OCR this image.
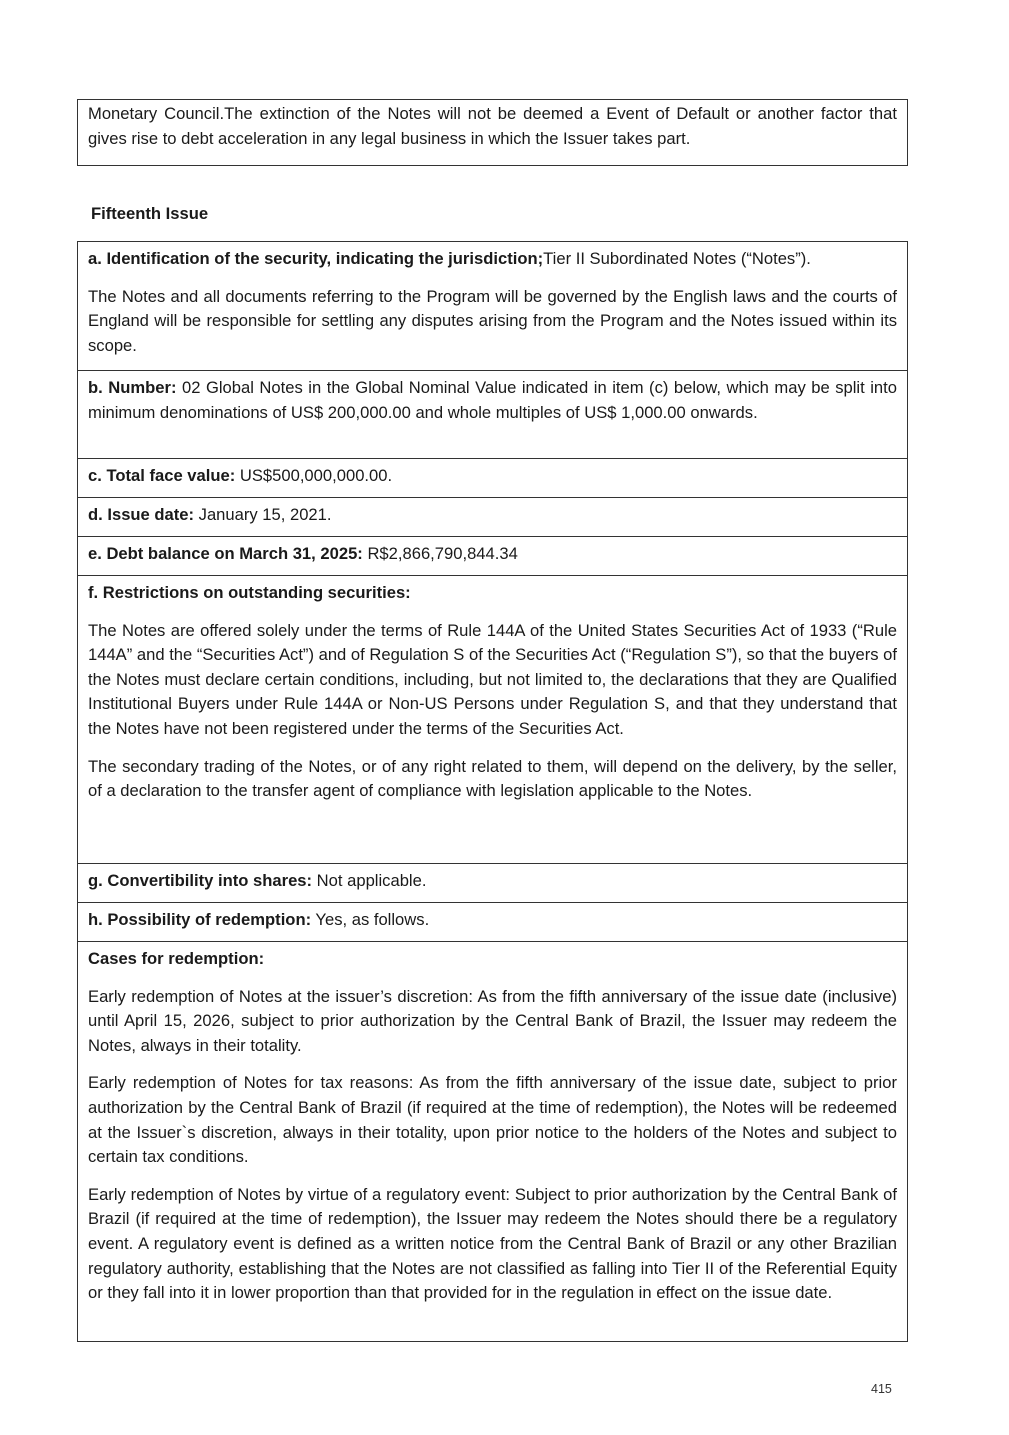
Monetary Council.The extinction of the Notes will not be deemed a Event of Default or another factor that gives rise to debt acceleration in any legal business in which the Issuer takes part.

Fifteenth Issue

a. Identification of the security, indicating the jurisdiction;Tier II Subordinated Notes (“Notes”).

The Notes and all documents referring to the Program will be governed by the English laws and the courts of England will be responsible for settling any disputes arising from the Program and the Notes issued within its scope.

b. Number: 02 Global Notes in the Global Nominal Value indicated in item (c) below, which may be split into minimum denominations of US$ 200,000.00 and whole multiples of US$ 1,000.00 onwards.

c. Total face value: US$500,000,000.00.

d. Issue date: January 15, 2021.

e. Debt balance on March 31, 2025: R$2,866,790,844.34

f. Restrictions on outstanding securities:

The Notes are offered solely under the terms of Rule 144A of the United States Securities Act of 1933 (“Rule 144A” and the “Securities Act”) and of Regulation S of the Securities Act (“Regulation S”), so that the buyers of the Notes must declare certain conditions, including, but not limited to, the declarations that they are Qualified Institutional Buyers under Rule 144A or Non-US Persons under Regulation S, and that they understand that the Notes have not been registered under the terms of the Securities Act.

The secondary trading of the Notes, or of any right related to them, will depend on the delivery, by the seller, of a declaration to the transfer agent of compliance with legislation applicable to the Notes.

g. Convertibility into shares: Not applicable.

h. Possibility of redemption: Yes, as follows.

Cases for redemption:

Early redemption of Notes at the issuer’s discretion: As from the fifth anniversary of the issue date (inclusive) until April 15, 2026, subject to prior authorization by the Central Bank of Brazil, the Issuer may redeem the Notes, always in their totality.

Early redemption of Notes for tax reasons: As from the fifth anniversary of the issue date, subject to prior authorization by the Central Bank of Brazil (if required at the time of redemption), the Notes will be redeemed at the Issuer`s discretion, always in their totality, upon prior notice to the holders of the Notes and subject to certain tax conditions.

Early redemption of Notes by virtue of a regulatory event: Subject to prior authorization by the Central Bank of Brazil (if required at the time of redemption), the Issuer may redeem the Notes should there be a regulatory event. A regulatory event is defined as a written notice from the Central Bank of Brazil or any other Brazilian regulatory authority, establishing that the Notes are not classified as falling into Tier II of the Referential Equity or they fall into it in lower proportion than that provided for in the regulation in effect on the issue date.

415
